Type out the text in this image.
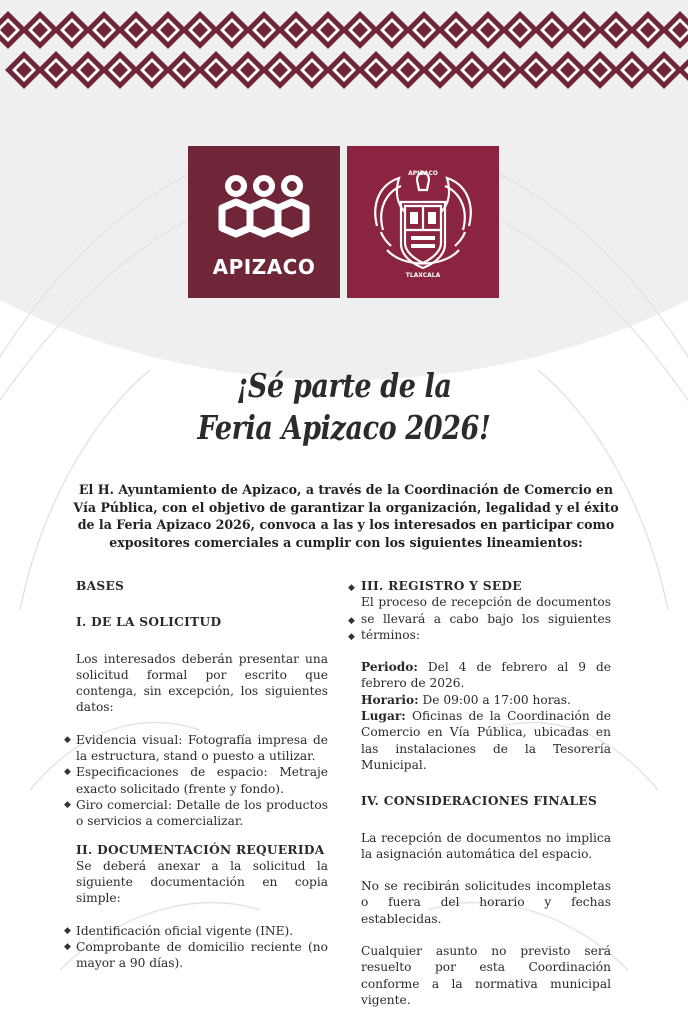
APIZACO
APIZACO
TLAXCALA
¡Sé parte de la
Feria Apizaco 2026!
El H. Ayuntamiento de Apizaco, a través de la Coordinación de Comercio en Vía Pública, con el objetivo de garantizar la organización, legalidad y el éxito de la Feria Apizaco 2026, convoca a las y los interesados en participar como expositores comerciales a cumplir con los siguientes lineamientos:

BASES

I. DE LA SOLICITUD

Los interesados deberán presentar una solicitud formal por escrito que contenga, sin excepción, los siguientes datos:

◆ Evidencia visual: Fotografía impresa de la estructura, stand o puesto a utilizar.
◆ Especificaciones de espacio: Metraje exacto solicitado (frente y fondo).
◆ Giro comercial: Detalle de los productos o servicios a comercializar.

II. DOCUMENTACIÓN REQUERIDA

Se deberá anexar a la solicitud la siguiente documentación en copia simple:

◆ Identificación oficial vigente (INE).
◆ Comprobante de domicilio reciente (no mayor a 90 días).
◆
◆
◆

III. REGISTRO Y SEDE

El proceso de recepción de documentos se llevará a cabo bajo los siguientes términos:

Periodo: Del 4 de febrero al 9 de febrero de 2026.

Horario: De 09:00 a 17:00 horas.

Lugar: Oficinas de la Coordinación de Comercio en Vía Pública, ubicadas en las instalaciones de la Tesorería Municipal.

IV. CONSIDERACIONES FINALES

La recepción de documentos no implica la asignación automática del espacio.

No se recibirán solicitudes incompletas o fuera del horario y fechas establecidas.

Cualquier asunto no previsto será resuelto por esta Coordinación conforme a la normativa municipal vigente.
